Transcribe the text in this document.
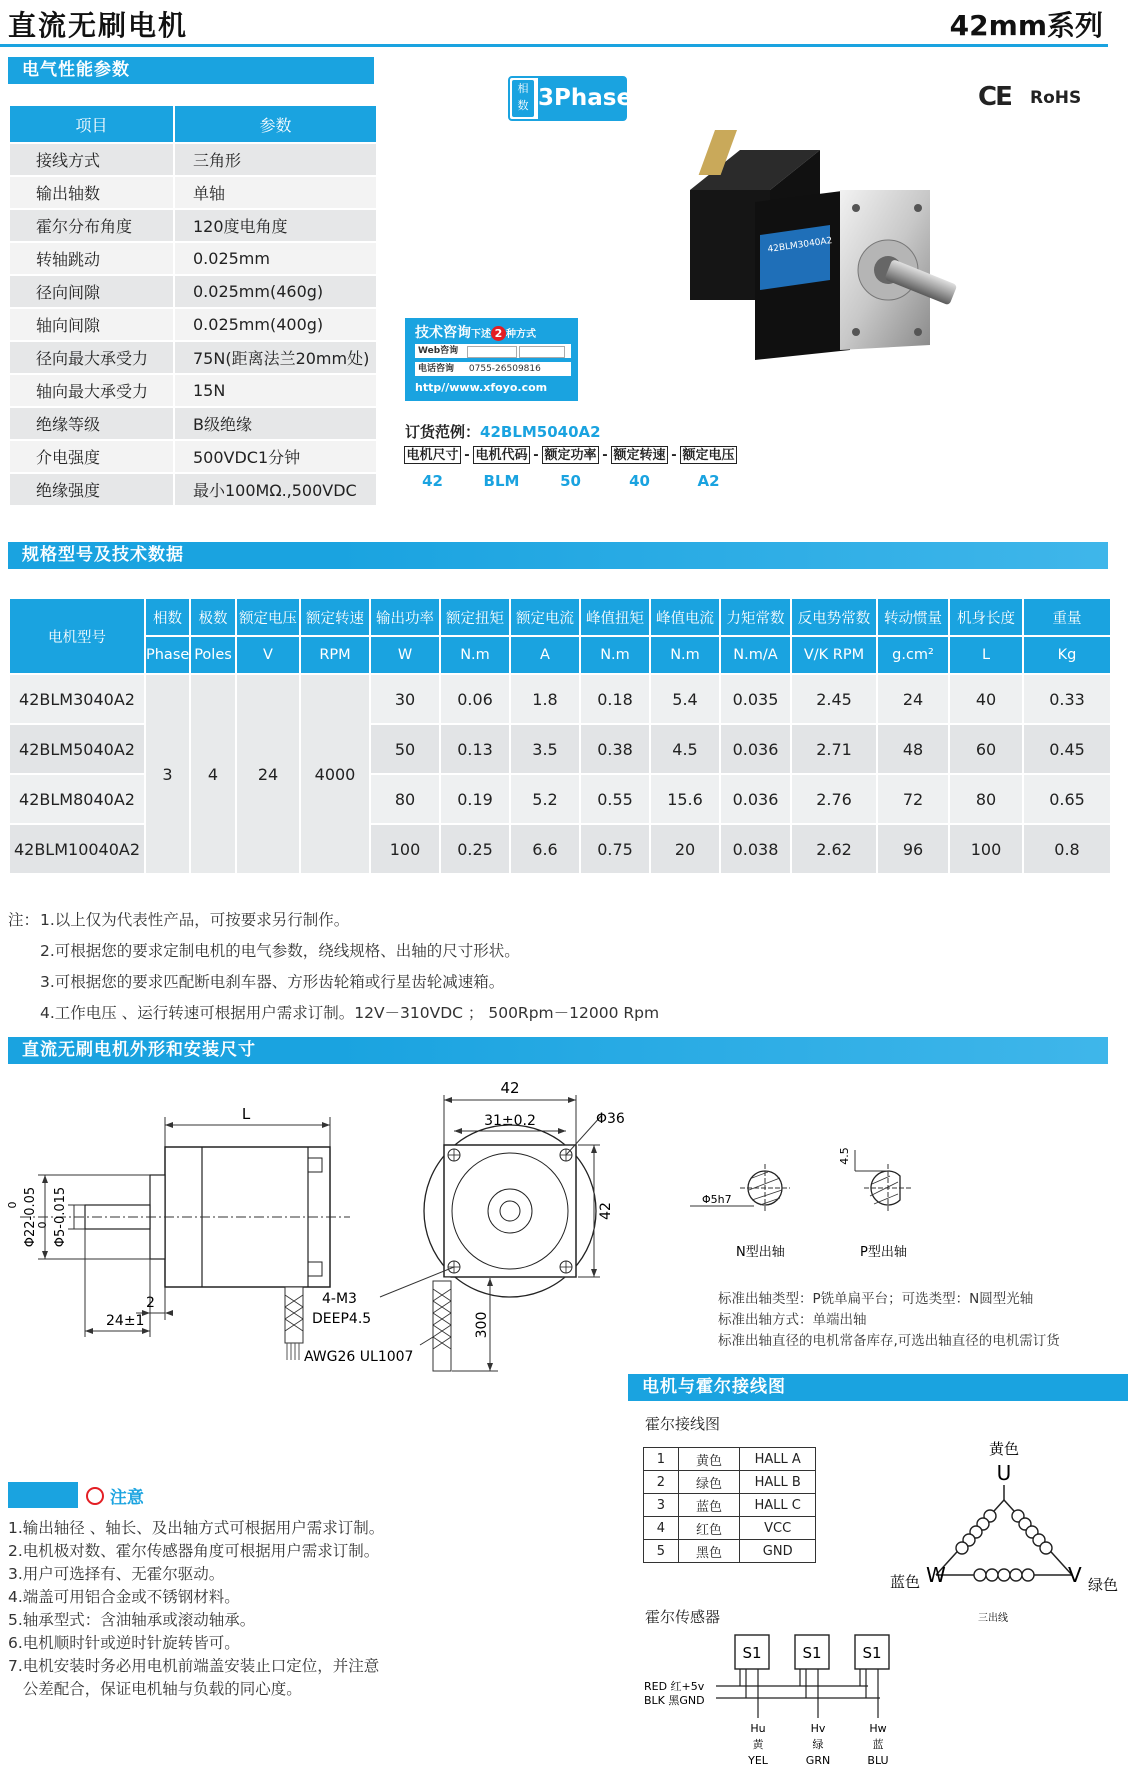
直流无刷电机	42mm系列
电气性能参数
项目	参数
接线方式	三角形
输出轴数	单轴
霍尔分布角度	120度电角度
转轴跳动	0.025mm
径向间隙	0.025mm(460g)
轴向间隙	0.025mm(400g)
径向最大承受力	75N(距离法兰20mm处)
轴向最大承受力	15N
绝缘等级	B级绝缘
介电强度	500VDC1分钟
绝缘强度	最小100MΩ.,500VDC
相
数 3Phase	CE RoHS
42BLM3040A2
技术咨询下述 2 种方式
Web咨询
电话咨询 0755-26509816
http//www.xfoyo.com
订货范例：42BLM5040A2
电机尺寸 - 电机代码 - 额定功率 - 额定转速 - 额定电压
42	BLM	50	40	A2
规格型号及技术数据
电机型号	相数	极数	额定电压	额定转速	输出功率	额定扭矩	额定电流	峰值扭矩	峰值电流	力矩常数	反电势常数	转动惯量	机身长度	重量
	Phase	Poles	V	RPM	W	N.m	A	N.m	N.m	N.m/A	V/K RPM	g.cm²	L	Kg
42BLM3040A2	3	4	24	4000	30	0.06	1.8	0.18	5.4	0.035	2.45	24	40	0.33
42BLM5040A2					50	0.13	3.5	0.38	4.5	0.036	2.71	48	60	0.45
42BLM8040A2					80	0.19	5.2	0.55	15.6	0.036	2.76	72	80	0.65
42BLM10040A2					100	0.25	6.6	0.75	20	0.038	2.62	96	100	0.8
注： 1.以上仅为代表性产品，可按要求另行制作。
2.可根据您的要求定制电机的电气参数，绕线规格、出轴的尺寸形状。
3.可根据您的要求匹配断电刹车器、方形齿轮箱或行星齿轮减速箱。
4.工作电压 、运行转速可根据用户需求订制。12V－310VDC ； 500Rpm－12000 Rpm
直流无刷电机外形和安装尺寸
L
Φ22-0.05
0	Φ5-0.015
0
2
24±1
42
31±0.2	Φ36
42
300
4-M3
DEEP4.5
AWG26 UL1007
Φ5h7
N型出轴
4.5
P型出轴
标准出轴类型：P铣单扁平台；可选类型：N圆型光轴
标准出轴方式：单端出轴
标准出轴直径的电机常备库存,可选出轴直径的电机需订货
电机与霍尔接线图
霍尔接线图
1	黄色	HALL A
2	绿色	HALL B
3	蓝色	HALL C
4	红色	VCC
5	黑色	GND
黄色
U
W
蓝色	V 绿色
三出线
霍尔传感器
S1	S1	S1
RED 红+5v
BLK 黑GND
Hu
黄
YEL
Hv
绿
GRN
Hw
蓝
BLU
注意
1.输出轴径 、轴长、及出轴方式可根据用户需求订制。
2.电机极对数、霍尔传感器角度可根据用户需求订制。
3.用户可选择有、无霍尔驱动。
4.端盖可用铝合金或不锈钢材料。
5.轴承型式：含油轴承或滚动轴承。
6.电机顺时针或逆时针旋转皆可。
7.电机安装时务必用电机前端盖安装止口定位，并注意
公差配合，保证电机轴与负载的同心度。
